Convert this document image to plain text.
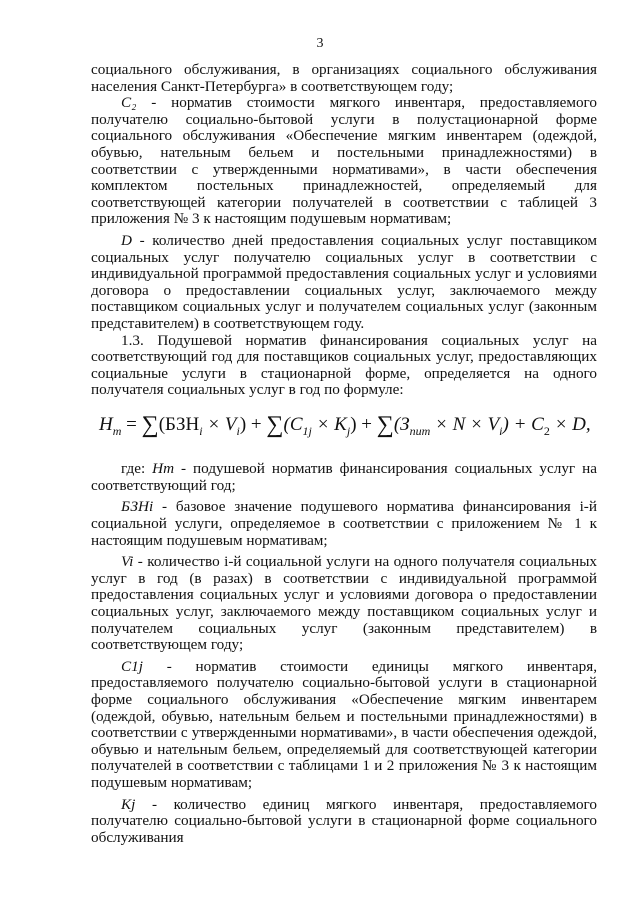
3

социального обслуживания, в организациях социального обслуживания населения Санкт-Петербурга» в соответствующем году;

C₂ - норматив стоимости мягкого инвентаря, предоставляемого получателю социально-бытовой услуги в полустационарной форме социального обслуживания «Обеспечение мягким инвентарем (одеждой, обувью, нательным бельем и постельными принадлежностями) в соответствии с утвержденными нормативами», в части обеспечения комплектом постельных принадлежностей, определяемый для соответствующей категории получателей в соответствии с таблицей 3 приложения № 3 к настоящим подушевым нормативам;

D - количество дней предоставления социальных услуг поставщиком социальных услуг получателю социальных услуг в соответствии с индивидуальной программой предоставления социальных услуг и условиями договора о предоставлении социальных услуг, заключаемого между поставщиком социальных услуг и получателем социальных услуг (законным представителем) в соответствующем году.

1.3. Подушевой норматив финансирования социальных услуг на соответствующий год для поставщиков социальных услуг, предоставляющих социальные услуги в стационарной форме, определяется на одного получателя социальных услуг в год по формуле:

$H_m = \sum(БЗН_i \times V_i) + \sum(C_{1j} \times K_j) + \sum(З_{пит} \times N \times V_i) + C_2 \times D$,

где: Hm - подушевой норматив финансирования социальных услуг на соответствующий год;

БЗНi - базовое значение подушевого норматива финансирования i-й социальной услуги, определяемое в соответствии с приложением № 1 к настоящим подушевым нормативам;

Vi - количество i-й социальной услуги на одного получателя социальных услуг в год (в разах) в соответствии с индивидуальной программой предоставления социальных услуг и условиями договора о предоставлении социальных услуг, заключаемого между поставщиком социальных услуг и получателем социальных услуг (законным представителем) в соответствующем году;

C1j - норматив стоимости единицы мягкого инвентаря, предоставляемого получателю социально-бытовой услуги в стационарной форме социального обслуживания «Обеспечение мягким инвентарем (одеждой, обувью, нательным бельем и постельными принадлежностями) в соответствии с утвержденными нормативами», в части обеспечения одеждой, обувью и нательным бельем, определяемый для соответствующей категории получателей в соответствии с таблицами 1 и 2 приложения № 3 к настоящим подушевым нормативам;

Kj - количество единиц мягкого инвентаря, предоставляемого получателю социально-бытовой услуги в стационарной форме социального обслуживания
